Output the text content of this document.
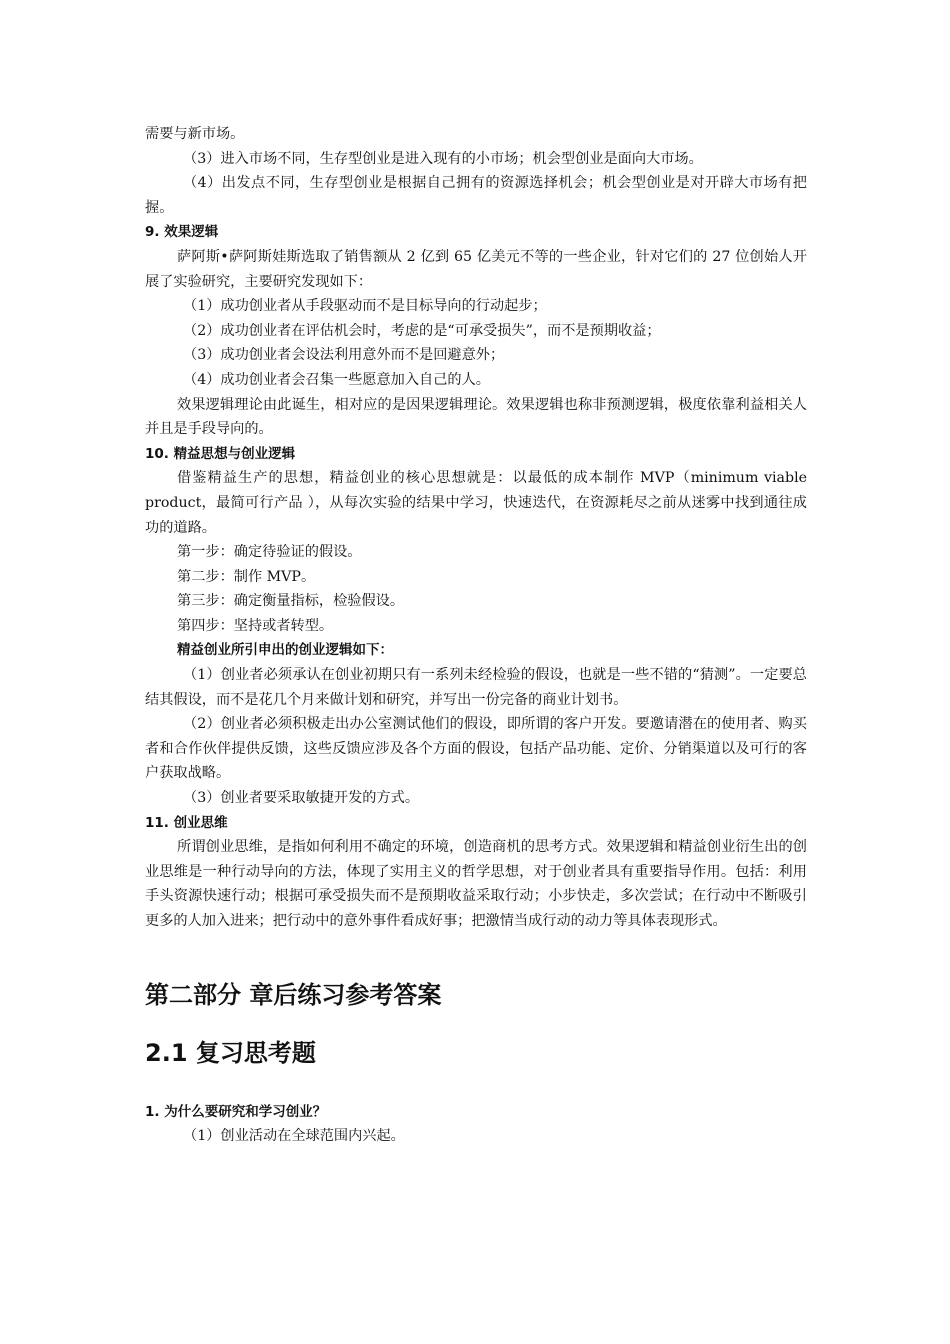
需要与新市场。

（3）进入市场不同，生存型创业是进入现有的小市场；机会型创业是面向大市场。

（4）出发点不同，生存型创业是根据自己拥有的资源选择机会；机会型创业是对开辟大市场有把握。

9. 效果逻辑

萨阿斯•萨阿斯娃斯选取了销售额从 2 亿到 65 亿美元不等的一些企业，针对它们的 27 位创始人开展了实验研究，主要研究发现如下：

（1）成功创业者从手段驱动而不是目标导向的行动起步；

（2）成功创业者在评估机会时，考虑的是“可承受损失”，而不是预期收益；

（3）成功创业者会设法利用意外而不是回避意外；

（4）成功创业者会召集一些愿意加入自己的人。

效果逻辑理论由此诞生，相对应的是因果逻辑理论。效果逻辑也称非预测逻辑，极度依靠利益相关人并且是手段导向的。

10. 精益思想与创业逻辑

借鉴精益生产的思想，精益创业的核心思想就是：以最低的成本制作 MVP（minimum viable product，最简可行产品 ），从每次实验的结果中学习，快速迭代，在资源耗尽之前从迷雾中找到通往成功的道路。

第一步：确定待验证的假设。

第二步：制作 MVP。

第三步：确定衡量指标，检验假设。

第四步：坚持或者转型。

精益创业所引申出的创业逻辑如下：

（1）创业者必须承认在创业初期只有一系列未经检验的假设，也就是一些不错的“猜测”。一定要总结其假设，而不是花几个月来做计划和研究，并写出一份完备的商业计划书。

（2）创业者必须积极走出办公室测试他们的假设，即所谓的客户开发。要邀请潜在的使用者、购买者和合作伙伴提供反馈，这些反馈应涉及各个方面的假设，包括产品功能、定价、分销渠道以及可行的客户获取战略。

（3）创业者要采取敏捷开发的方式。

11. 创业思维

所谓创业思维，是指如何利用不确定的环境，创造商机的思考方式。效果逻辑和精益创业衍生出的创业思维是一种行动导向的方法，体现了实用主义的哲学思想，对于创业者具有重要指导作用。包括：利用手头资源快速行动；根据可承受损失而不是预期收益采取行动；小步快走，多次尝试；在行动中不断吸引更多的人加入进来；把行动中的意外事件看成好事；把激情当成行动的动力等具体表现形式。

第二部分 章后练习参考答案
2.1 复习思考题
1. 为什么要研究和学习创业？

（1）创业活动在全球范围内兴起。
